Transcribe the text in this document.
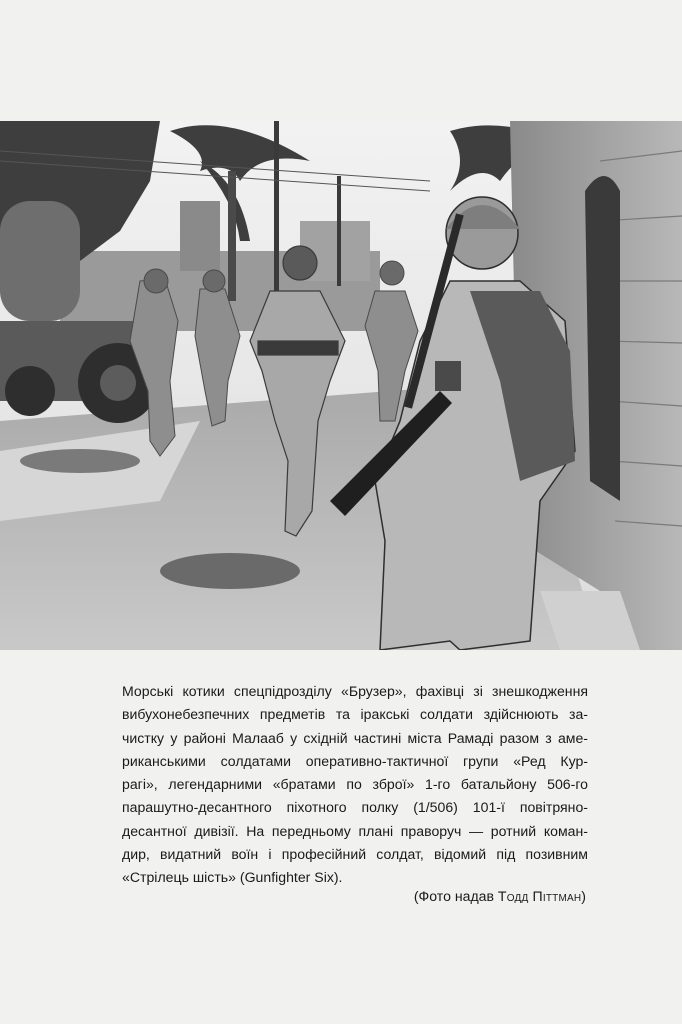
Морські котики спецпідрозділу «Брузер», фахівці зі знешкодження
вибухонебезпечних предметів та іракські солдати здійснюють за-
чистку у районі Малааб у східній частині міста Рамаді разом з аме-
риканськими солдатами оперативно-тактичної групи «Ред Кур-
рагі», легендарними «братами по зброї» 1-го батальйону 506-го
парашутно-десантного піхотного полку (1/506) 101-ї повітряно-
десантної дивізії. На передньому плані праворуч — ротний коман-
дир, видатний воїн і професійний солдат, відомий під позивним
«Стрілець шість» (Gunfighter Six).
(Фото надав Тодд Піттман)
